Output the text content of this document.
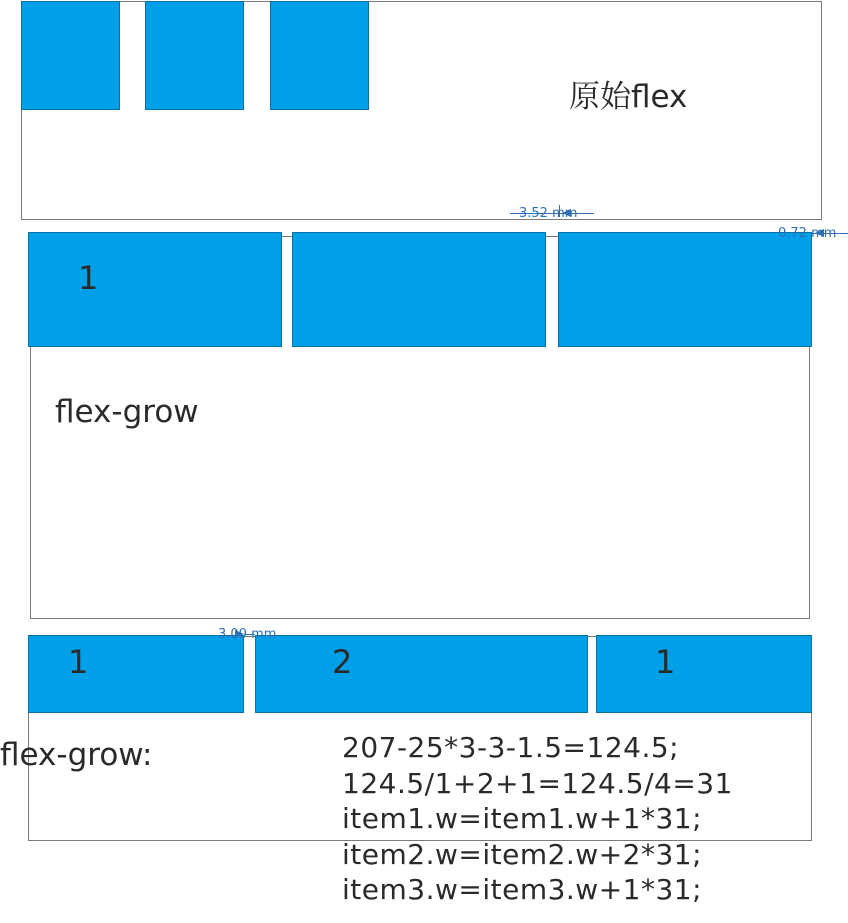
原始flex
3.52 mm
1
flex-grow
0.72 mm
1	2	1
3.00 mm
flex-grow:	207-25*3-3-1.5=124.5;
124.5/1+2+1=124.5/4=31
item1.w=item1.w+1*31;
item2.w=item2.w+2*31;
item3.w=item3.w+1*31;
